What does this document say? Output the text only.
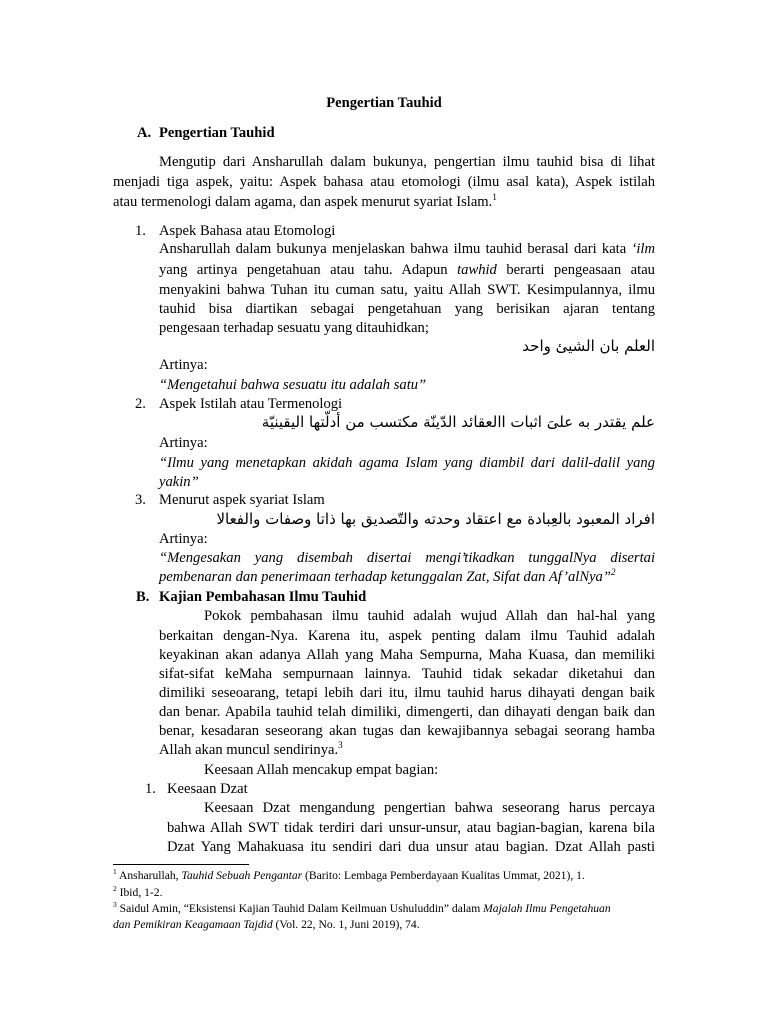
Pengertian Tauhid
A. Pengertian Tauhid
Mengutip dari Ansharullah dalam bukunya, pengertian ilmu tauhid bisa di lihat
menjadi tiga aspek, yaitu: Aspek bahasa atau etomologi (ilmu asal kata), Aspek istilah
atau termenologi dalam agama, dan aspek menurut syariat Islam.$^1$
1. Aspek Bahasa atau Etomologi
Ansharullah dalam bukunya menjelaskan bahwa ilmu tauhid berasal dari kata ‘ilm
yang artinya pengetahuan atau tahu. Adapun tawhid berarti pengeasaan atau
menyakini bahwa Tuhan itu cuman satu, yaitu Allah SWT. Kesimpulannya, ilmu
tauhid bisa diartikan sebagai pengetahuan yang berisikan ajaran tentang
pengesaan terhadap sesuatu yang ditauhidkan;
العلم بان الشيئ واحد
Artinya:
“Mengetahui bahwa sesuatu itu adalah satu”
2. Aspek Istilah atau Termenologi
علم يقتدر به علىَ اثبات االعقائد الدّينّة مكتسب من أدلّتها اليقينيّة
Artinya:
“Ilmu yang menetapkan akidah agama Islam yang diambil dari dalil-dalil yang
yakin”
3. Menurut aspek syariat Islam
افراد المعبود بالعِبادة مع اعتقاد وحدته والتّصديق بها ذاتا وصفات والفعالا
Artinya:
“Mengesakan yang disembah disertai mengi’tikadkan tunggalNya disertai
pembenaran dan penerimaan terhadap ketunggalan Zat, Sifat dan Af’alNya”$^2$
B. Kajian Pembahasan Ilmu Tauhid
Pokok pembahasan ilmu tauhid adalah wujud Allah dan hal-hal yang
berkaitan dengan-Nya. Karena itu, aspek penting dalam ilmu Tauhid adalah
keyakinan akan adanya Allah yang Maha Sempurna, Maha Kuasa, dan memiliki
sifat-sifat keMaha sempurnaan lainnya. Tauhid tidak sekadar diketahui dan
dimiliki seseoarang, tetapi lebih dari itu, ilmu tauhid harus dihayati dengan baik
dan benar. Apabila tauhid telah dimiliki, dimengerti, dan dihayati dengan baik dan
benar, kesadaran seseorang akan tugas dan kewajibannya sebagai seorang hamba
Allah akan muncul sendirinya.$^3$
Keesaan Allah mencakup empat bagian:
1. Keesaan Dzat
Keesaan Dzat mengandung pengertian bahwa seseorang harus percaya
bahwa Allah SWT tidak terdiri dari unsur-unsur, atau bagian-bagian, karena bila
Dzat Yang Mahakuasa itu sendiri dari dua unsur atau bagian. Dzat Allah pasti
$^1$ Ansharullah, Tauhid Sebuah Pengantar (Barito: Lembaga Pemberdayaan Kualitas Ummat, 2021), 1.
$^2$ Ibid, 1-2.
$^3$ Saidul Amin, “Eksistensi Kajian Tauhid Dalam Keilmuan Ushuluddin” dalam Majalah Ilmu Pengetahuan
dan Pemikiran Keagamaan Tajdid (Vol. 22, No. 1, Juni 2019), 74.
